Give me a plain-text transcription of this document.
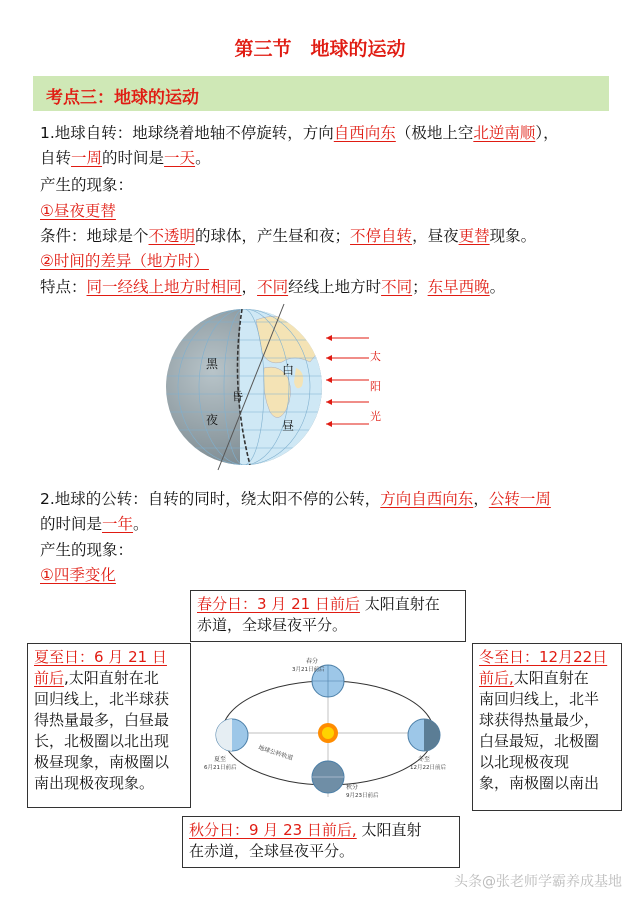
第三节　地球的运动
考点三：地球的运动
1.地球自转：地球绕着地轴不停旋转，方向自西向东（极地上空北逆南顺），
自转一周的时间是一天。
产生的现象：
①昼夜更替
条件：地球是个不透明的球体，产生昼和夜；不停自转，昼夜更替现象。
②时间的差异（地方时）
特点：同一经线上地方时相同，不同经线上地方时不同；东早西晚。
黑
夜
昏
白
昼
太
阳
光
2.地球的公转：自转的同时，绕太阳不停的公转，方向自西向东，公转一周
的时间是一年。
产生的现象：
①四季变化
春分日：3 月 21 日前后 太阳直射在
赤道，全球昼夜平分。
夏至日：6 月 21 日
前后,太阳直射在北
回归线上，北半球获
得热量最多，白昼最
长，北极圈以北出现
极昼现象，南极圈以
南出现极夜现象。
冬至日：12月22日
前后,太阳直射在
南回归线上，北半
球获得热量最少，
白昼最短，北极圈
以北现极夜现
象，南极圈以南出
秋分日：9 月 23 日前后, 太阳直射
在赤道，全球昼夜平分。
春分
3月21日前后
夏至
6月21日前后
冬至
12月22日前后
秋分
9月23日前后
地球公转轨道
头条@张老师学霸养成基地
